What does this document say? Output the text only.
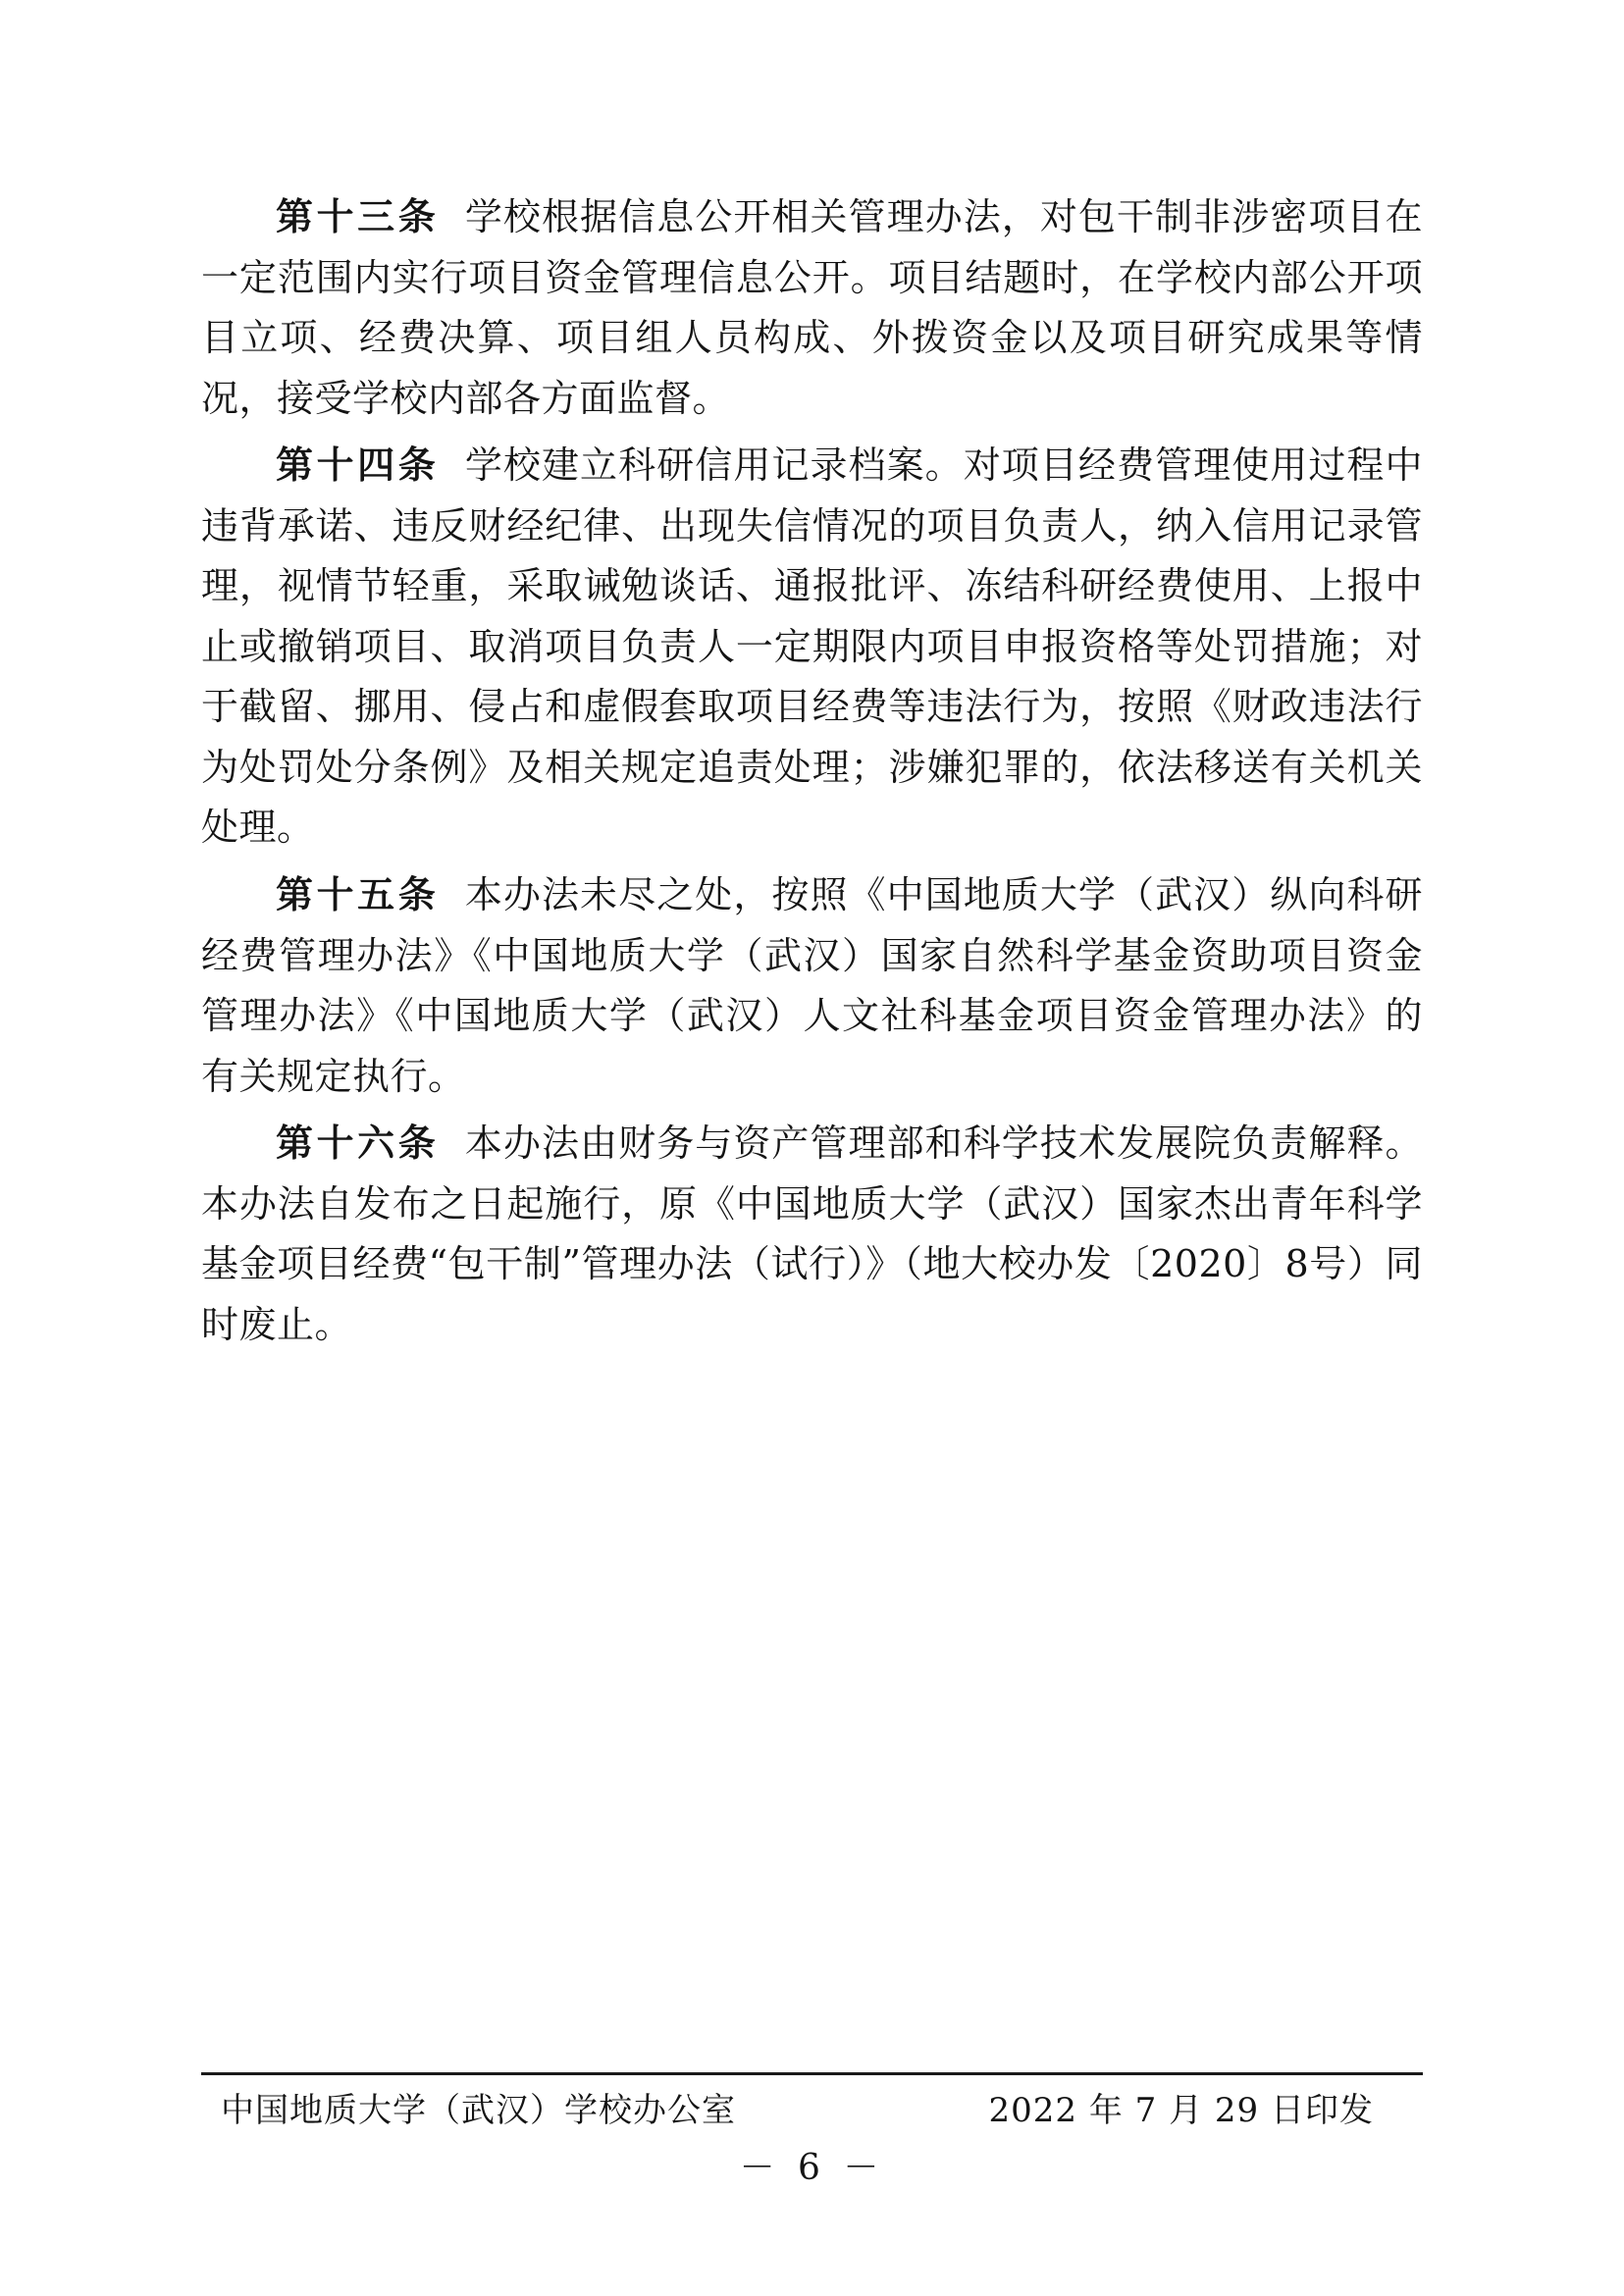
第十三条 学校根据信息公开相关管理办法，对包干制非涉密项目在一定范围内实行项目资金管理信息公开。项目结题时，在学校内部公开项目立项、经费决算、项目组人员构成、外拨资金以及项目研究成果等情况，接受学校内部各方面监督。

第十四条 学校建立科研信用记录档案。对项目经费管理使用过程中违背承诺、违反财经纪律、出现失信情况的项目负责人，纳入信用记录管理，视情节轻重，采取诫勉谈话、通报批评、冻结科研经费使用、上报中止或撤销项目、取消项目负责人一定期限内项目申报资格等处罚措施；对于截留、挪用、侵占和虚假套取项目经费等违法行为，按照《财政违法行为处罚处分条例》及相关规定追责处理；涉嫌犯罪的，依法移送有关机关处理。

第十五条 本办法未尽之处，按照《中国地质大学（武汉）纵向科研经费管理办法》《中国地质大学（武汉）国家自然科学基金资助项目资金管理办法》《中国地质大学（武汉）人文社科基金项目资金管理办法》的有关规定执行。

第十六条 本办法由财务与资产管理部和科学技术发展院负责解释。本办法自发布之日起施行，原《中国地质大学（武汉）国家杰出青年科学基金项目经费“包干制”管理办法（试行）》（地大校办发〔2020〕8号）同时废止。

中国地质大学（武汉）学校办公室	2022 年 7 月 29 日印发
－ 6 －
